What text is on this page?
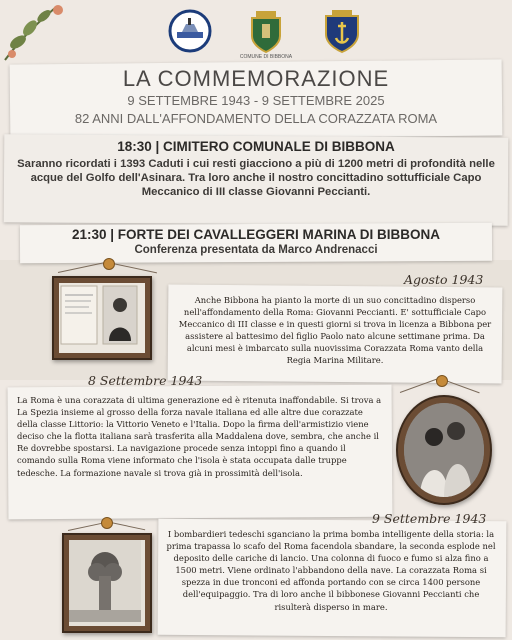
COMUNE DI BIBBONA
LA COMMEMORAZIONE
9 SETTEMBRE 1943 - 9 SETTEMBRE 2025
82 ANNI DALL'AFFONDAMENTO DELLA CORAZZATA ROMA
18:30 | CIMITERO COMUNALE DI BIBBONA
Saranno ricordati i 1393 Caduti i cui resti giacciono a più di 1200 metri di profondità nelle acque del Golfo dell'Asinara. Tra loro anche il nostro concittadino sottufficiale Capo Meccanico di III classe Giovanni Peccianti.
21:30 | FORTE DEI CAVALLEGGERI MARINA DI BIBBONA
Conferenza presentata da Marco Andrenacci
Agosto 1943
8 Settembre 1943
9 Settembre 1943
Anche Bibbona ha pianto la morte di un suo concittadino disperso nell'affondamento della Roma: Giovanni Peccianti. E' sottufficiale Capo Meccanico di III classe e in questi giorni si trova in licenza a Bibbona per assistere al battesimo del figlio Paolo nato alcune settimane prima. Da alcuni mesi è imbarcato sulla nuovissima Corazzata Roma vanto della Regia Marina Militare.
La Roma è una corazzata di ultima generazione ed è ritenuta inaffondabile. Si trova a La Spezia insieme al grosso della forza navale italiana ed alle altre due corazzate della classe Littorio: la Vittorio Veneto e l'Italia. Dopo la firma dell'armistizio viene deciso che la flotta italiana sarà trasferita alla Maddalena dove, sembra, che anche il Re dovrebbe spostarsi. La navigazione procede senza intoppi fino a quando il comando sulla Roma viene informato che l'isola è stata occupata dalle truppe tedesche. La formazione navale si trova già in prossimità dell'isola.
I bombardieri tedeschi sganciano la prima bomba intelligente della storia: la prima trapassa lo scafo del Roma facendola sbandare, la seconda esplode nel deposito delle cariche di lancio. Una colonna di fuoco e fumo si alza fino a 1500 metri. Viene ordinato l'abbandono della nave. La corazzata Roma si spezza in due tronconi ed affonda portando con se circa 1400 persone dell'equipaggio. Tra di loro anche il bibbonese Giovanni Peccianti che risulterà disperso in mare.
